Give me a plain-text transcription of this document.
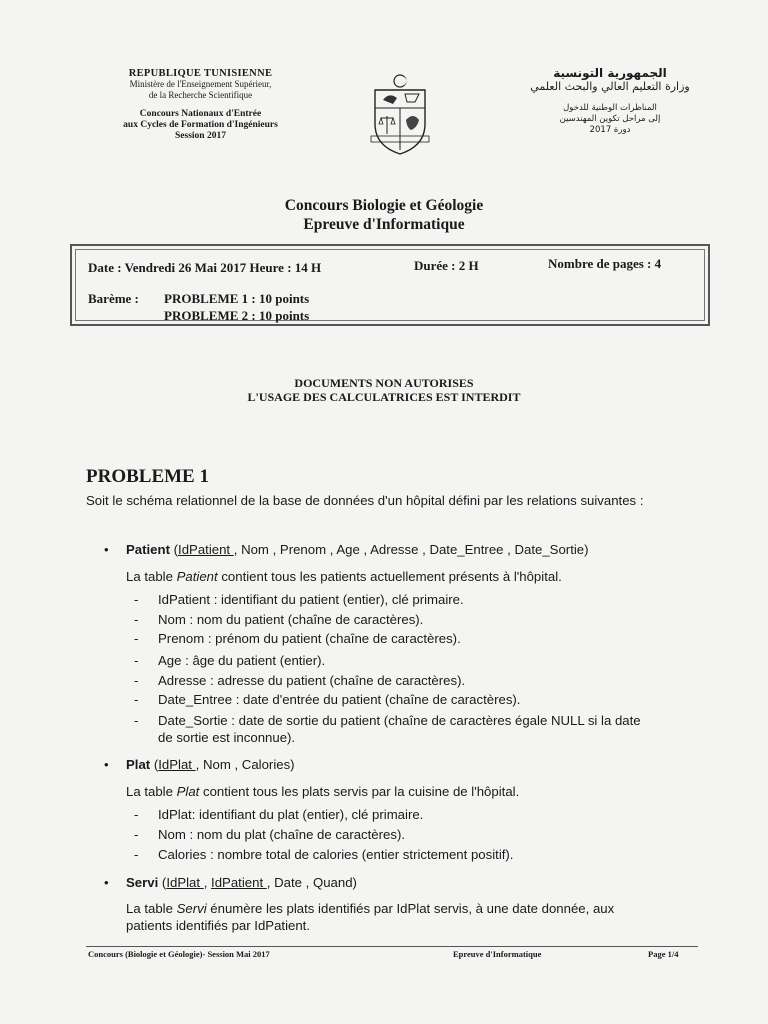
REPUBLIQUE TUNISIENNE
Ministère de l'Enseignement Supérieur,
de la Recherche Scientifique
Concours Nationaux d'Entrée
aux Cycles de Formation d'Ingénieurs
Session 2017
الجمهورية التونسية
وزارة التعليم العالي والبحث العلمي
المناظرات الوطنية للدخول
إلى مراحل تكوين المهندسين
دورة 2017
Concours Biologie et Géologie
Epreuve d'Informatique
Date : Vendredi 26 Mai 2017 Heure : 14 H	Durée : 2 H	Nombre de pages : 4
Barème : PROBLEME 1 : 10 points
PROBLEME 2 : 10 points
DOCUMENTS NON AUTORISES
L'USAGE DES CALCULATRICES EST INTERDIT
PROBLEME 1
Soit le schéma relationnel de la base de données d'un hôpital défini par les relations suivantes :
• Patient (IdPatient , Nom , Prenom , Age , Adresse , Date_Entree , Date_Sortie)
La table Patient contient tous les patients actuellement présents à l'hôpital.
- IdPatient : identifiant du patient (entier), clé primaire.
- Nom : nom du patient (chaîne de caractères).
- Prenom : prénom du patient (chaîne de caractères).
- Age : âge du patient (entier).
- Adresse : adresse du patient (chaîne de caractères).
- Date_Entree : date d'entrée du patient (chaîne de caractères).
- Date_Sortie : date de sortie du patient (chaîne de caractères égale NULL si la date
de sortie est inconnue).
• Plat (IdPlat , Nom , Calories)
La table Plat contient tous les plats servis par la cuisine de l'hôpital.
- IdPlat: identifiant du plat (entier), clé primaire.
- Nom : nom du plat (chaîne de caractères).
- Calories : nombre total de calories (entier strictement positif).
• Servi (IdPlat , IdPatient , Date , Quand)
La table Servi énumère les plats identifiés par IdPlat servis, à une date donnée, aux
patients identifiés par IdPatient.
Concours (Biologie et Géologie)- Session Mai 2017	Epreuve d'Informatique	Page 1/4
